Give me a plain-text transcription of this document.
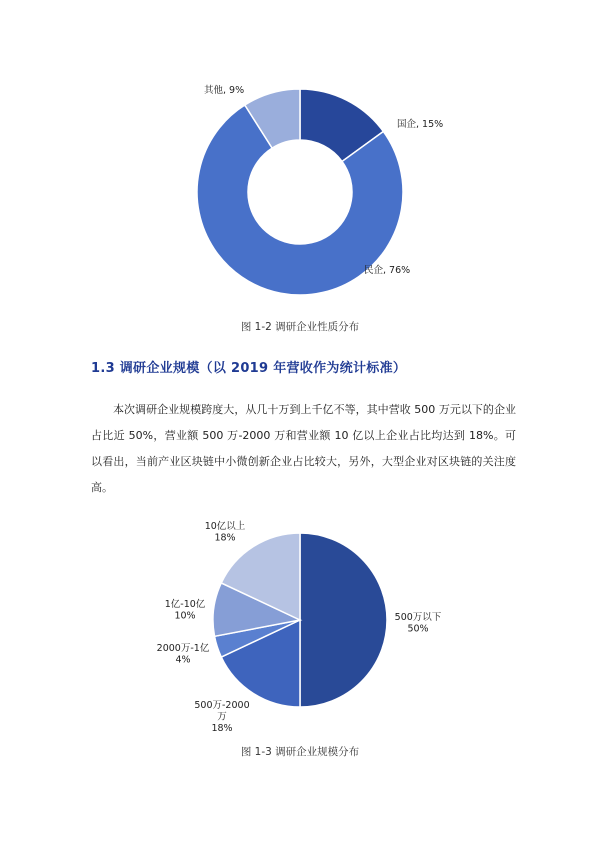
国企, 15%
民企, 76%
其他, 9%
500万以下 50%
500万-2000 万 18%
2000万-1亿 4%
1亿-10亿 10%
10亿以上 18%
图 1-2 调研企业性质分布
1.3 调研企业规模（以 2019 年营收作为统计标准）
本次调研企业规模跨度大，从几十万到上千亿不等，其中营收 500 万元以下的企业占比近 50%，营业额 500 万-2000 万和营业额 10 亿以上企业占比均达到 18%。可以看出，当前产业区块链中小微创新企业占比较大，另外，大型企业对区块链的关注度高。
图 1-3 调研企业规模分布
